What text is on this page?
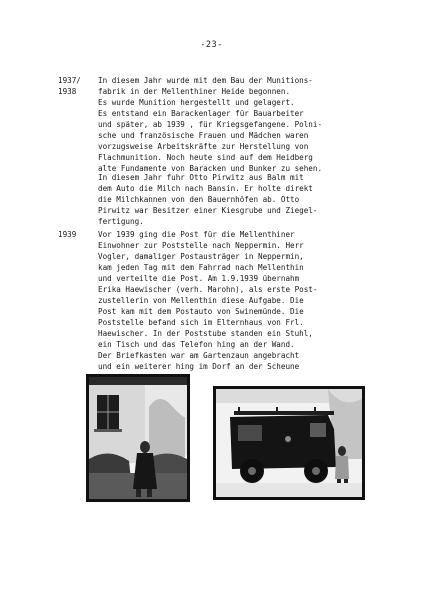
-23-
1937/
1938
In diesem Jahr wurde mit dem Bau der Munitions-
fabrik in der Mellenthiner Heide begonnen.
Es wurde Munition hergestellt und gelagert.
Es entstand ein Barackenlager für Bauarbeiter
und später, ab 1939 , für Kriegsgefangene. Polni-
sche und französische Frauen und Mädchen waren
vorzugsweise Arbeitskräfte zur Herstellung von
Flachmunition. Noch heute sind auf dem Heidberg
alte Fundamente von Baracken und Bunker zu sehen.
In diesem Jahr fuhr Otto Pirwitz aus Balm mit
dem Auto die Milch nach Bansin. Er holte direkt
die Milchkannen von den Bauernhöfen ab. Otto
Pirwitz war Besitzer einer Kiesgrube und Ziegel-
fertigung.
1939	Vor 1939 ging die Post für die Mellenthiner
Einwohner zur Poststelle nach Neppermin. Herr
Vogler, damaliger Postausträger in Neppermin,
kam jeden Tag mit dem Fahrrad nach Mellenthin
und verteilte die Post. Am 1.9.1939 übernahm
Erika Haewischer (verh. Marohn), als erste Post-
zustellerin von Mellenthin diese Aufgabe. Die
Post kam mit dem Postauto von Swinemünde. Die
Poststelle befand sich im Elternhaus von Frl.
Haewischer. In der Poststube standen ein Stuhl,
ein Tisch und das Telefon hing an der Wand.
Der Briefkasten war am Gartenzaun angebracht
und ein weiterer hing im Dorf an der Scheune
